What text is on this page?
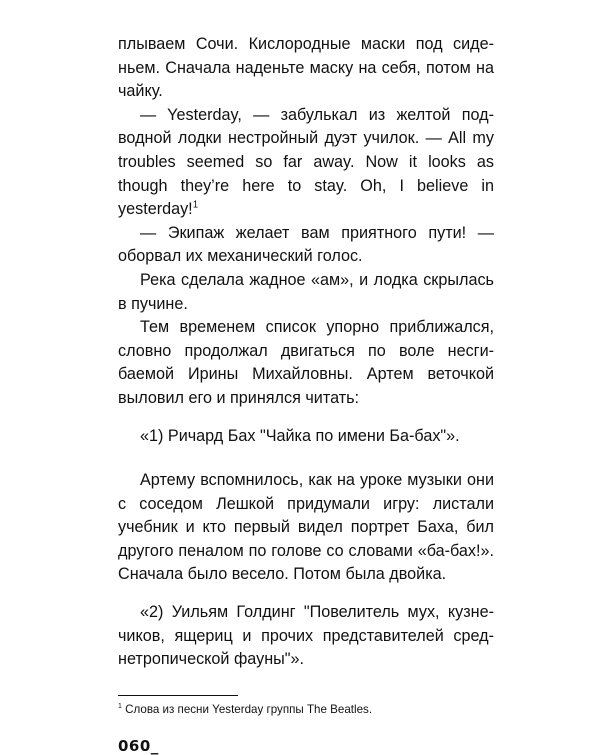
плываем Сочи. Кислородные маски под сиденьем. Сначала наденьте маску на себя, потом на чайку.

— Yesterday, — забулькал из желтой подводной лодки нестройный дуэт училок. — All my troubles seemed so far away. Now it looks as though they’re here to stay. Oh, I believe in yesterday!$^1$

— Экипаж желает вам приятного пути! — оборвал их механический голос.

Река сделала жадное «ам», и лодка скрылась в пучине.

Тем временем список упорно приближался, словно продолжал двигаться по воле несгибаемой Ирины Михайловны. Артем веточкой выловил его и принялся читать:

«1) Ричард Бах "Чайка по имени Ба-бах"».

Артему вспомнилось, как на уроке музыки они с соседом Лешкой придумали игру: листали учебник и кто первый видел портрет Баха, бил другого пеналом по голове со словами «ба-бах!». Сначала было весело. Потом была двойка.

«2) Уильям Голдинг "Повелитель мух, кузнечиков, ящериц и прочих представителей среднетропической фауны"».

$^1$ Слова из песни Yesterday группы The Beatles.
060_
